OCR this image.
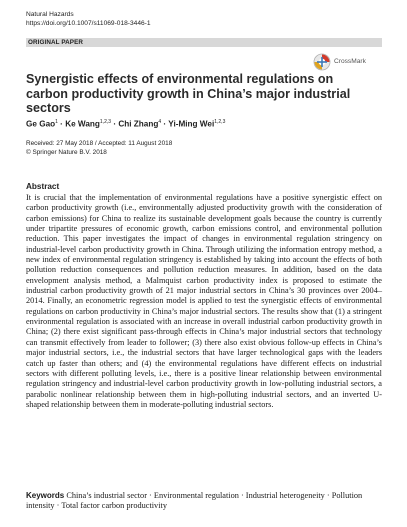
Natural Hazards
https://doi.org/10.1007/s11069-018-3446-1
ORIGINAL PAPER
CrossMark
Synergistic effects of environmental regulations on carbon productivity growth in China’s major industrial sectors
Ge Gao$^1$ · Ke Wang$^{1,2,3}$ · Chi Zhang$^4$ · Yi-Ming Wei$^{1,2,3}$
Received: 27 May 2018 / Accepted: 11 August 2018
© Springer Nature B.V. 2018
Abstract

It is crucial that the implementation of environmental regulations have a positive synergistic effect on carbon productivity growth (i.e., environmentally adjusted productivity growth with the consideration of carbon emissions) for China to realize its sustainable development goals because the country is currently under tripartite pressures of economic growth, carbon emissions control, and environmental pollution reduction. This paper investigates the impact of changes in environmental regulation stringency on industrial-level carbon productivity growth in China. Through utilizing the information entropy method, a new index of environmental regulation stringency is established by taking into account the effects of both pollution reduction consequences and pollution reduction measures. In addition, based on the data envelopment analysis method, a Malmquist carbon productivity index is proposed to estimate the industrial carbon productivity growth of 21 major industrial sectors in China’s 30 provinces over 2004–2014. Finally, an econometric regression model is applied to test the synergistic effects of environmental regulations on carbon productivity in China’s major industrial sectors. The results show that (1) a stringent environmental regulation is associated with an increase in overall industrial carbon productivity growth in China; (2) there exist significant pass-through effects in China’s major industrial sectors that technology can transmit effectively from leader to follower; (3) there also exist obvious follow-up effects in China’s major industrial sectors, i.e., the industrial sectors that have larger technological gaps with the leaders catch up faster than others; and (4) the environmental regulations have different effects on industrial sectors with different polluting levels, i.e., there is a positive linear relationship between environmental regulation stringency and industrial-level carbon productivity growth in low-polluting industrial sectors, a parabolic nonlinear relationship between them in high-polluting industrial sectors, and an inverted U-shaped relationship between them in moderate-polluting industrial sectors.

Keywords China’s industrial sector · Environmental regulation · Industrial heterogeneity · Pollution intensity · Total factor carbon productivity
